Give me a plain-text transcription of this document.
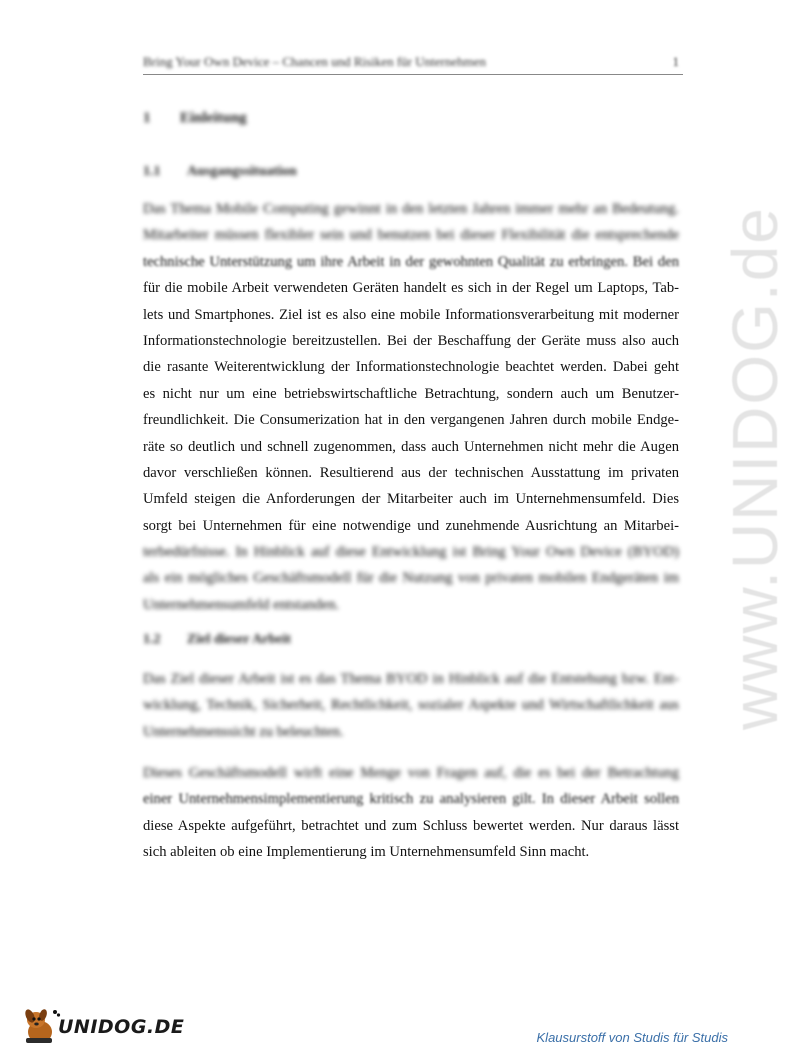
Bring Your Own Device – Chancen und Risiken für Unternehmen	1
www.UNIDOG.de
1 Einleitung
1.1 Ausgangssituation
Das Thema Mobile Computing gewinnt in den letzten Jahren immer mehr an Bedeutung.
Mitarbeiter müssen flexibler sein und benutzen bei dieser Flexibilität die entsprechende
technische Unterstützung um ihre Arbeit in der gewohnten Qualität zu erbringen. Bei den
für die mobile Arbeit verwendeten Geräten handelt es sich in der Regel um Laptops, Tab-
lets und Smartphones. Ziel ist es also eine mobile Informationsverarbeitung mit moderner
Informationstechnologie bereitzustellen. Bei der Beschaffung der Geräte muss also auch
die rasante Weiterentwicklung der Informationstechnologie beachtet werden. Dabei geht
es nicht nur um eine betriebswirtschaftliche Betrachtung, sondern auch um Benutzer-
freundlichkeit. Die Consumerization hat in den vergangenen Jahren durch mobile Endge-
räte so deutlich und schnell zugenommen, dass auch Unternehmen nicht mehr die Augen
davor verschließen können. Resultierend aus der technischen Ausstattung im privaten
Umfeld steigen die Anforderungen der Mitarbeiter auch im Unternehmensumfeld. Dies
sorgt bei Unternehmen für eine notwendige und zunehmende Ausrichtung an Mitarbei-
terbedürfnisse. In Hinblick auf diese Entwicklung ist Bring Your Own Device (BYOD)
als ein mögliches Geschäftsmodell für die Nutzung von privaten mobilen Endgeräten im
Unternehmensumfeld entstanden.
1.2 Ziel dieser Arbeit
Das Ziel dieser Arbeit ist es das Thema BYOD in Hinblick auf die Entstehung bzw. Ent-
wicklung, Technik, Sicherheit, Rechtlichkeit, sozialer Aspekte und Wirtschaftlichkeit aus
Unternehmenssicht zu beleuchten.
Dieses Geschäftsmodell wirft eine Menge von Fragen auf, die es bei der Betrachtung
einer Unternehmensimplementierung kritisch zu analysieren gilt. In dieser Arbeit sollen
diese Aspekte aufgeführt, betrachtet und zum Schluss bewertet werden. Nur daraus lässt
sich ableiten ob eine Implementierung im Unternehmensumfeld Sinn macht.
UNIDOG.DE	Klausurstoff von Studis für Studis
